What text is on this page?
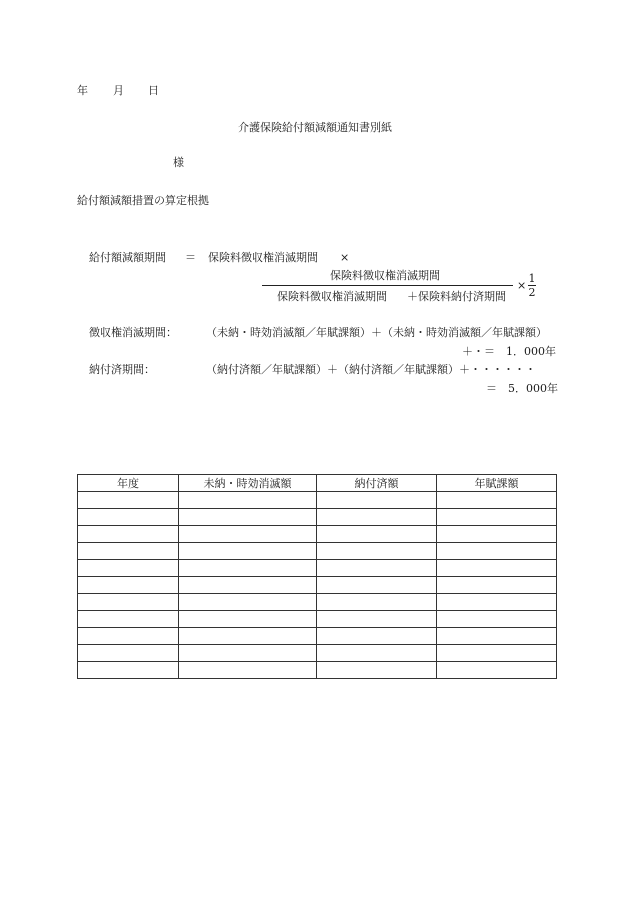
年 月 日
介護保険給付額減額通知書別紙
様
給付額減額措置の算定根拠
給付額減額期間 ＝ 保険料徴収権消滅期間 ×
保険料徴収権消滅期間
保険料徴収権消滅期間 ＋保険料納付済期間
× $\frac{1}{2}$
徴収権消滅期間：	（未納・時効消滅額／年賦課額）＋（未納・時効消滅額／年賦課額）
＋・＝　1．000年
納付済期間：	（納付済額／年賦課額）＋（納付済額／年賦課額）＋・・・・・・
＝　5．000年
年度	未納・時効消滅額	納付済額	年賦課額
